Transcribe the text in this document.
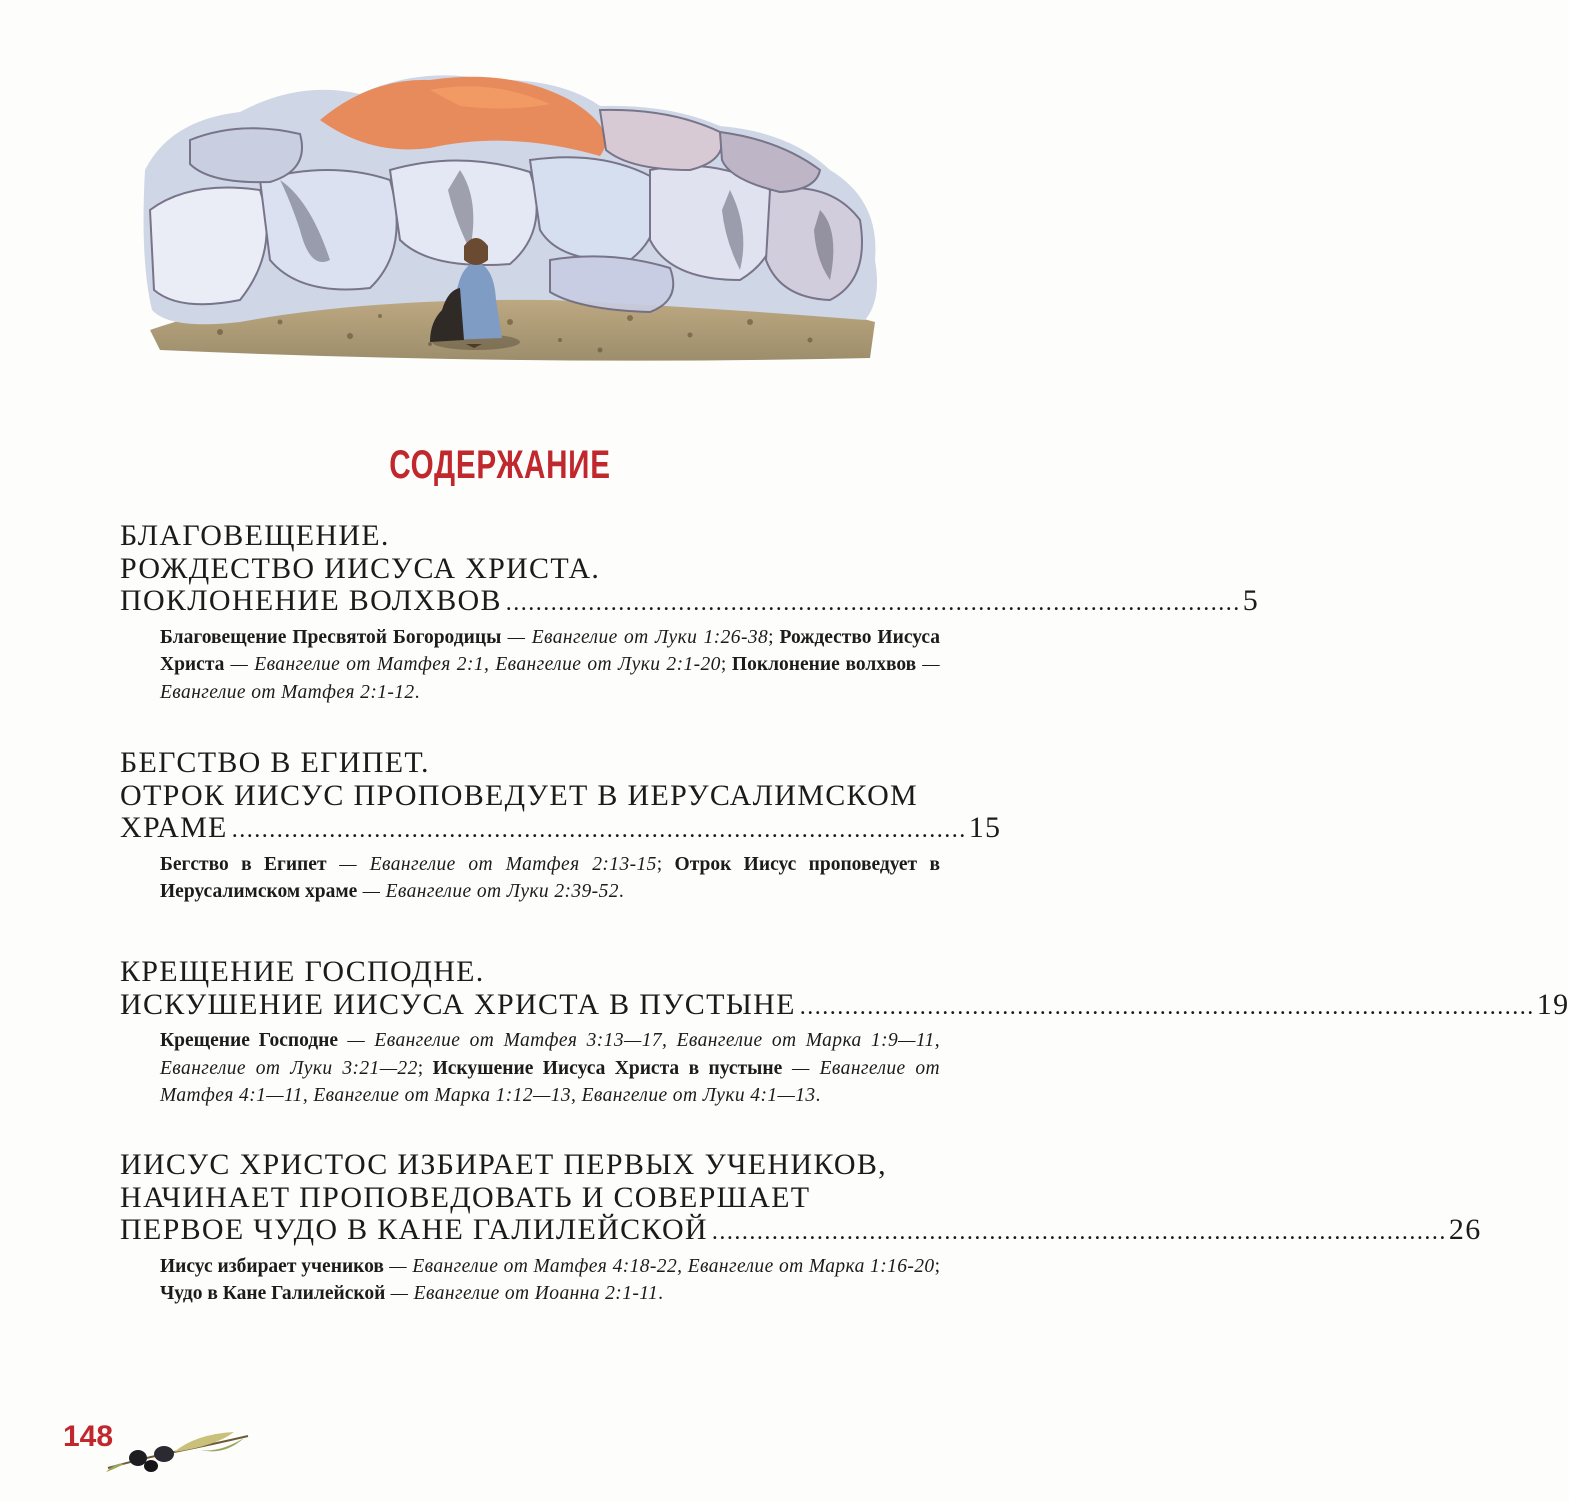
СОДЕРЖАНИЕ
БЛАГОВЕЩЕНИЕ.
РОЖДЕСТВО ИИСУСА ХРИСТА.
ПОКЛОНЕНИЕ ВОЛХВОВ .................................................................................................. 5
Благовещение Пресвятой Богородицы — Евангелие от Луки 1:26-38; Рождество Иисуса Христа — Евангелие от Матфея 2:1, Евангелие от Луки 2:1-20; Поклонение волхвов — Евангелие от Матфея 2:1-12.
БЕГСТВО В ЕГИПЕТ.
ОТРОК ИИСУС ПРОПОВЕДУЕТ В ИЕРУСАЛИМСКОМ
ХРАМЕ .................................................................................................. 15
Бегство в Египет — Евангелие от Матфея 2:13-15; Отрок Иисус проповедует в Иерусалимском храме — Евангелие от Луки 2:39-52.
КРЕЩЕНИЕ ГОСПОДНЕ.
ИСКУШЕНИЕ ИИСУСА ХРИСТА В ПУСТЫНЕ .................................................................................................. 19
Крещение Господне — Евангелие от Матфея 3:13—17, Евангелие от Марка 1:9—11, Евангелие от Луки 3:21—22; Искушение Иисуса Христа в пустыне — Евангелие от Матфея 4:1—11, Евангелие от Марка 1:12—13, Евангелие от Луки 4:1—13.
ИИСУС ХРИСТОС ИЗБИРАЕТ ПЕРВЫХ УЧЕНИКОВ,
НАЧИНАЕТ ПРОПОВЕДОВАТЬ И СОВЕРШАЕТ
ПЕРВОЕ ЧУДО В КАНЕ ГАЛИЛЕЙСКОЙ .................................................................................................. 26
Иисус избирает учеников — Евангелие от Матфея 4:18-22, Евангелие от Марка 1:16-20; Чудо в Кане Галилейской — Евангелие от Иоанна 2:1-11.
148
